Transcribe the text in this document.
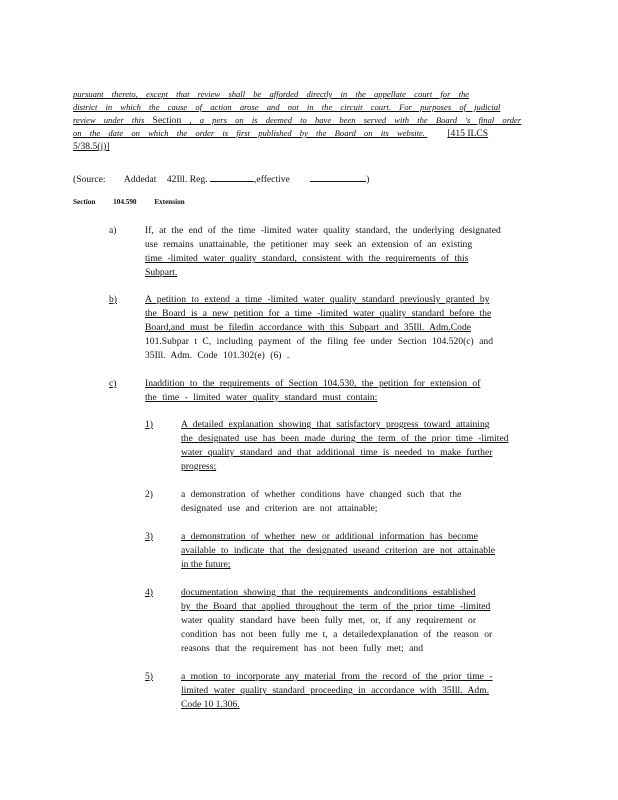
pursuant thereto, except that review shall be afforded directly in the appellate court for the
district in which the cause of action arose and not in the circuit court. For purposes of judicial
review under this Section , a pers on is deemed to have been served with the Board 's final order
on the date on which the order is first published by the Board on its website. [415 ILCS
5/38.5(j)]
(Source: Addedat 42Ill. Reg.	,effective	)
Section 104.590 Extension
a)	If, at the end of the time -limited water quality standard, the underlying designated
use remains unattainable, the petitioner may seek an extension of an existing
time -limited water quality standard, consistent with the requirements of this
Subpart.
b)	A petition to extend a time -limited water quality standard previously granted by
the Board is a new petition for a time -limited water quality standard before the
Board,and must be filedin accordance with this Subpart and 35Ill. Adm.Code
101.Subpar t C, including payment of the filing fee under Section 104.520(c) and
35Ill. Adm. Code 101.302(e) (6) .
c)	Inaddition to the requirements of Section 104.530, the petition for extension of
the time - limited water quality standard must contain:
1)	A detailed explanation showing that satisfactory progress toward attaining
the designated use has been made during the term of the prior time -limited
water quality standard and that additional time is needed to make further
progress;
2)	a demonstration of whether conditions have changed such that the
designated use and criterion are not attainable;
3)	a demonstration of whether new or additional information has become
available to indicate that the designated useand criterion are not attainable
in the future;
4)	documentation showing that the requirements andconditions established
by the Board that applied throughout the term of the prior time -limited
water quality standard have been fully met, or, if any requirement or
condition has not been fully me t, a detailedexplanation of the reason or
reasons that the requirement has not been fully met; and
5)	a motion to incorporate any material from the record of the prior time -
limited water quality standard proceeding in accordance with 35Ill. Adm.
Code 10 1.306.
